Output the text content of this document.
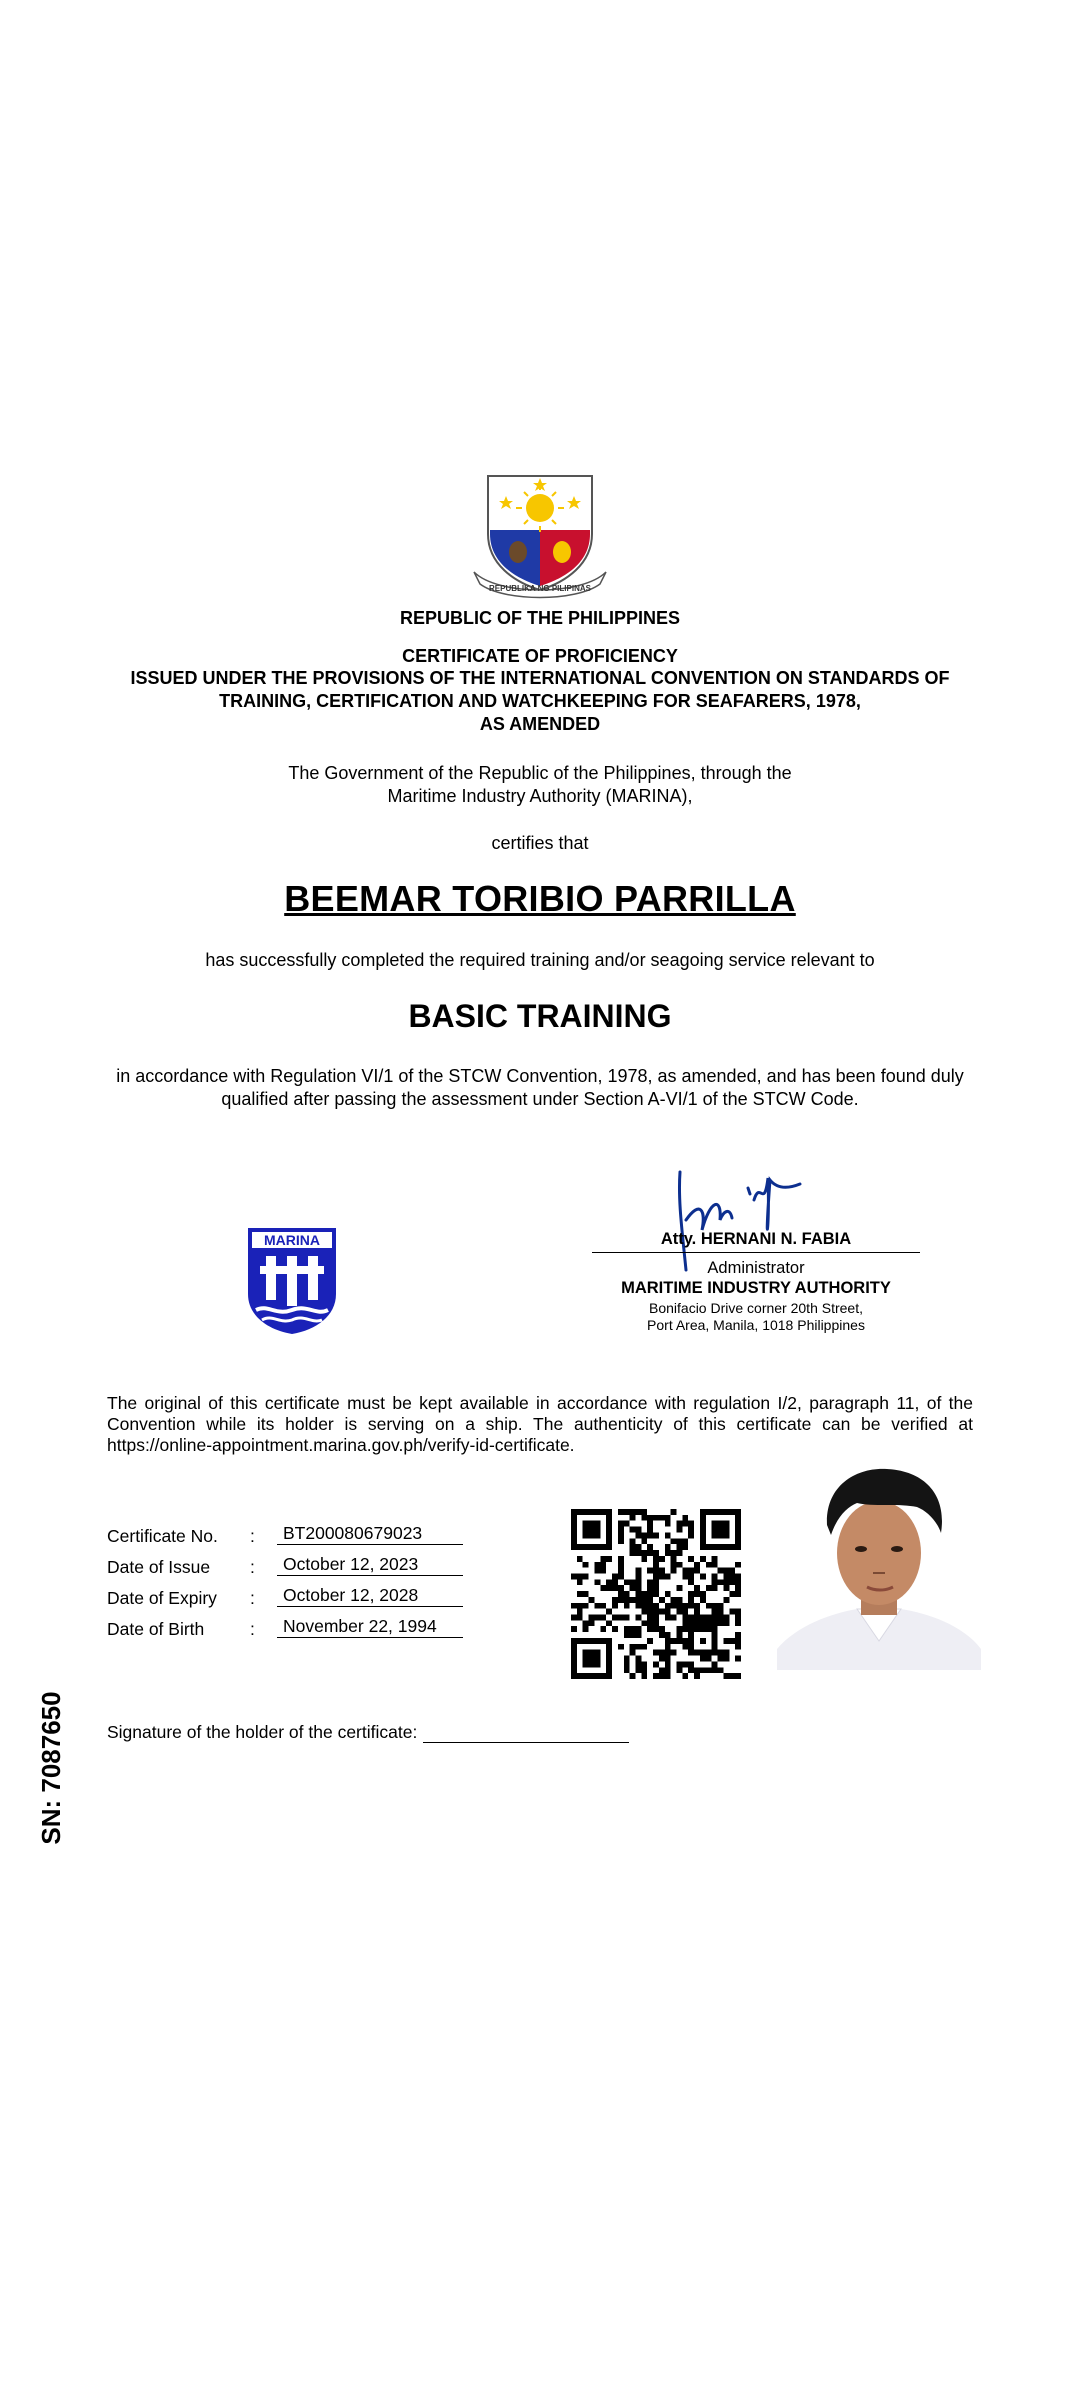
REPUBLIKA NG PILIPINAS
REPUBLIC OF THE PHILIPPINES
CERTIFICATE OF PROFICIENCY
ISSUED UNDER THE PROVISIONS OF THE INTERNATIONAL CONVENTION ON STANDARDS OF
TRAINING, CERTIFICATION AND WATCHKEEPING FOR SEAFARERS, 1978,
AS AMENDED
The Government of the Republic of the Philippines, through the
Maritime Industry Authority (MARINA),
certifies that
BEEMAR TORIBIO PARRILLA
has successfully completed the required training and/or seagoing service relevant to
BASIC TRAINING
in accordance with Regulation VI/1 of the STCW Convention, 1978, as amended, and has been found duly
qualified after passing the assessment under Section A-VI/1 of the STCW Code.
MARINA	Atty. HERNANI N. FABIA
Administrator
MARITIME INDUSTRY AUTHORITY
Bonifacio Drive corner 20th Street,
Port Area, Manila, 1018 Philippines
The original of this certificate must be kept available in accordance with regulation I/2, paragraph 11, of the Convention while its holder is serving on a ship. The authenticity of this certificate can be verified at https://online-appointment.marina.gov.ph/verify-id-certificate.
Certificate No.	:	BT200080679023
Date of Issue	:	October 12, 2023
Date of Expiry	:	October 12, 2028
Date of Birth	:	November 22, 1994
Signature of the holder of the certificate:
SN: 7087650
